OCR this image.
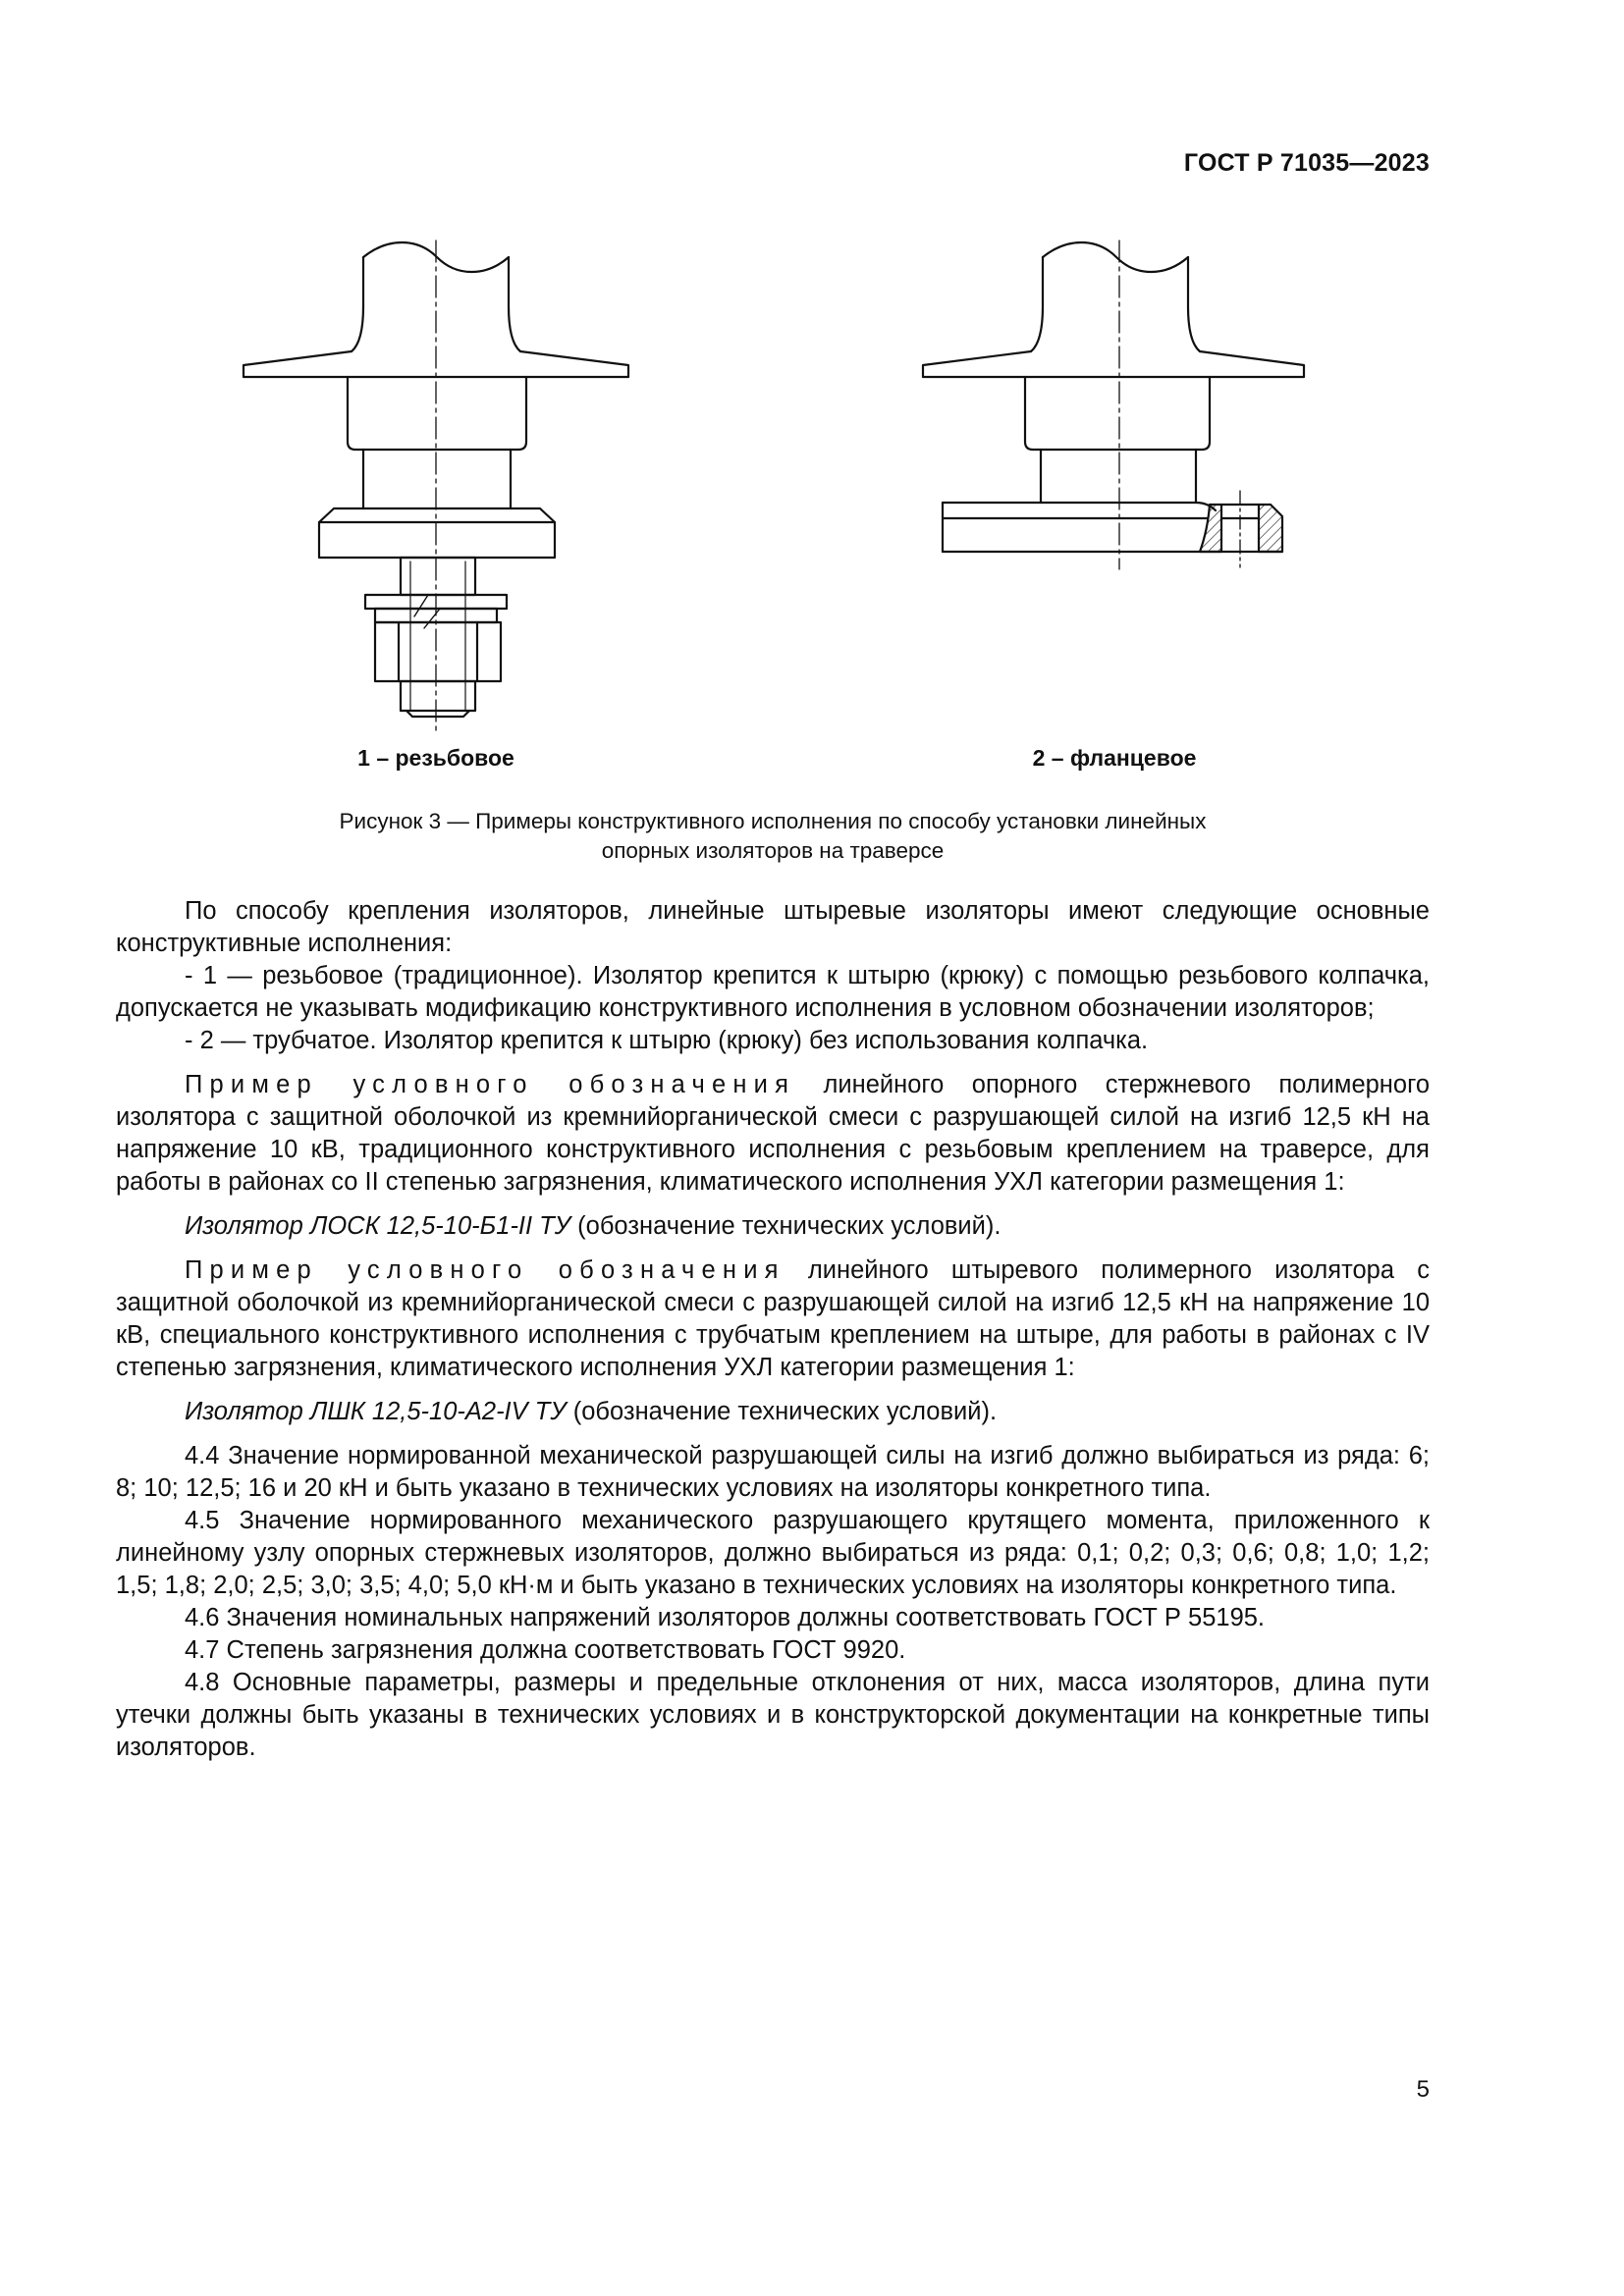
ГОСТ Р 71035—2023
1 – резьбовое	2 – фланцевое
Рисунок 3 — Примеры конструктивного исполнения по способу установки линейных
опорных изоляторов на траверсе

По способу крепления изоляторов, линейные штыревые изоляторы имеют следующие основные конструктивные исполнения:

- 1 — резьбовое (традиционное). Изолятор крепится к штырю (крюку) с помощью резьбового колпачка, допускается не указывать модификацию конструктивного исполнения в условном обозначении изоляторов;

- 2 — трубчатое. Изолятор крепится к штырю (крюку) без использования колпачка.

Пример условного обозначения линейного опорного стержневого полимерного изолятора с защитной оболочкой из кремнийорганической смеси с разрушающей силой на изгиб 12,5 кН на напряжение 10 кВ, традиционного конструктивного исполнения с резьбовым креплением на траверсе, для работы в районах со II степенью загрязнения, климатического исполнения УХЛ категории размещения 1:

Изолятор ЛОСК 12,5-10-Б1-II ТУ (обозначение технических условий).

Пример условного обозначения линейного штыревого полимерного изолятора с защитной оболочкой из кремнийорганической смеси с разрушающей силой на изгиб 12,5 кН на напряжение 10 кВ, специального конструктивного исполнения с трубчатым креплением на штыре, для работы в районах с IV степенью загрязнения, климатического исполнения УХЛ категории размещения 1:

Изолятор ЛШК 12,5-10-А2-IV ТУ (обозначение технических условий).

4.4 Значение нормированной механической разрушающей силы на изгиб должно выбираться из ряда: 6; 8; 10; 12,5; 16 и 20 кН и быть указано в технических условиях на изоляторы конкретного типа.

4.5 Значение нормированного механического разрушающего крутящего момента, приложенного к линейному узлу опорных стержневых изоляторов, должно выбираться из ряда: 0,1; 0,2; 0,3; 0,6; 0,8; 1,0; 1,2; 1,5; 1,8; 2,0; 2,5; 3,0; 3,5; 4,0; 5,0 кН·м и быть указано в технических условиях на изоляторы конкретного типа.

4.6 Значения номинальных напряжений изоляторов должны соответствовать ГОСТ Р 55195.

4.7 Степень загрязнения должна соответствовать ГОСТ 9920.

4.8 Основные параметры, размеры и предельные отклонения от них, масса изоляторов, длина пути утечки должны быть указаны в технических условиях и в конструкторской документации на конкретные типы изоляторов.

5
